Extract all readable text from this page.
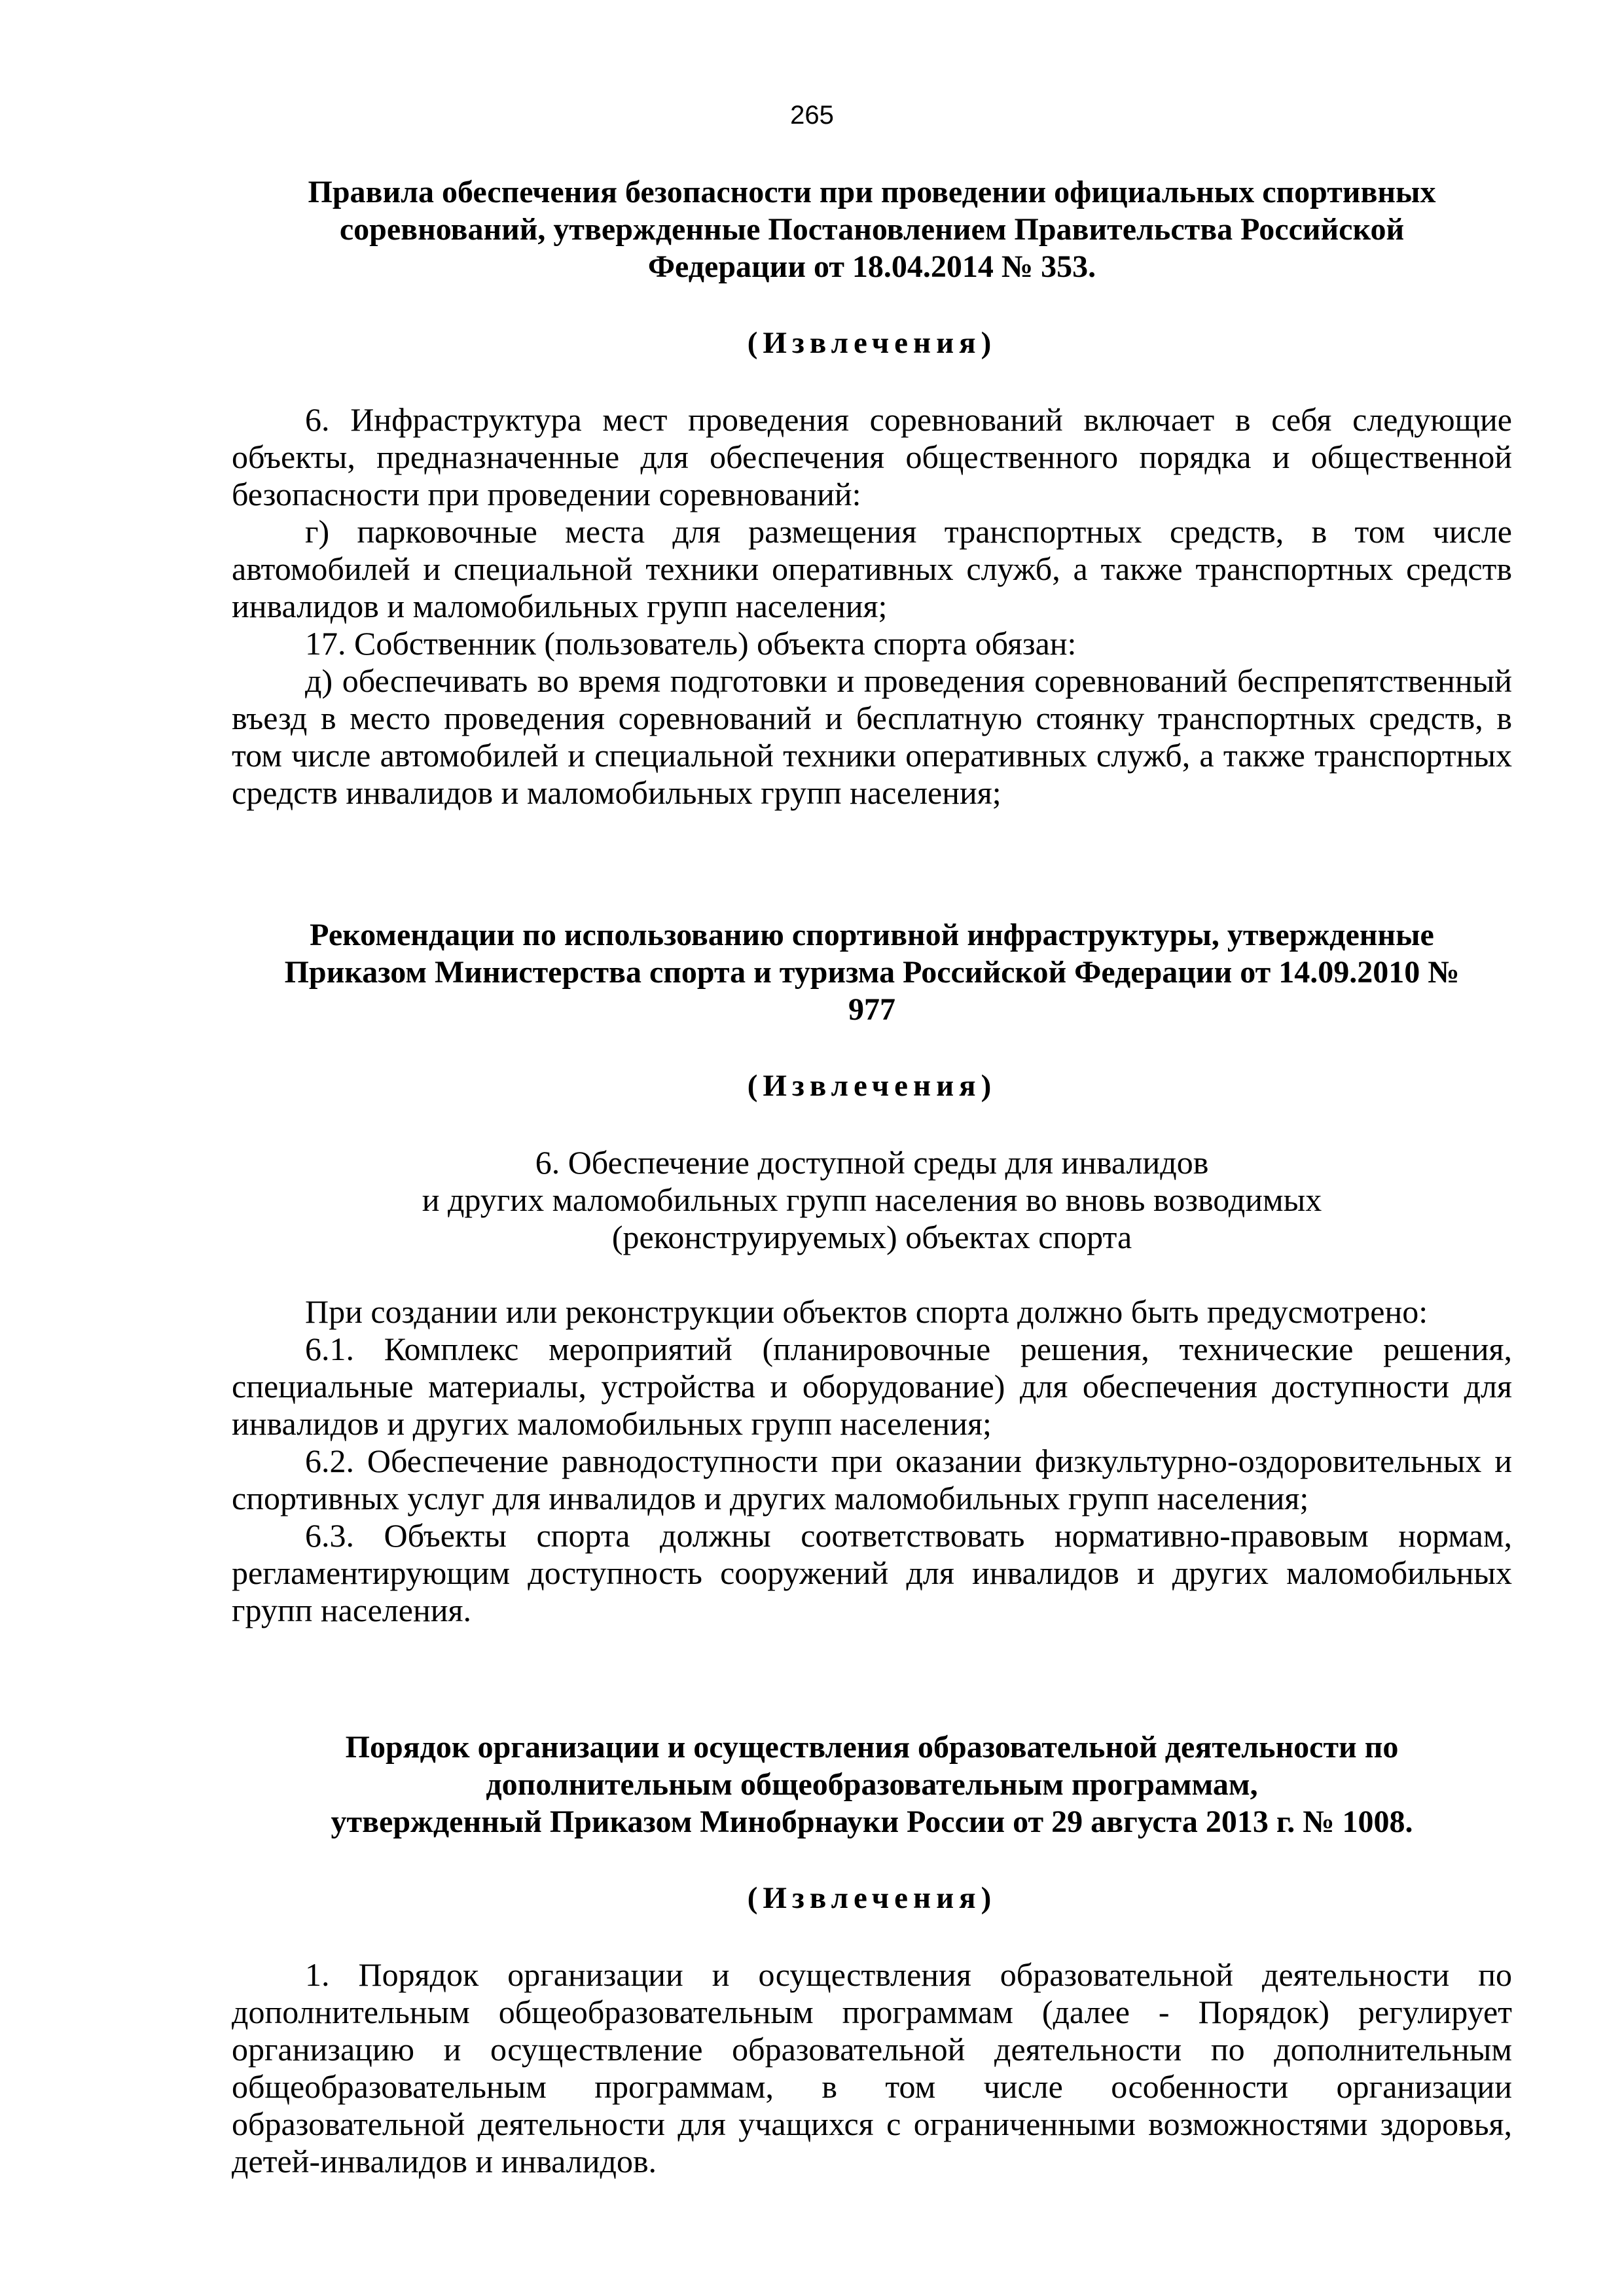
265
Правила обеспечения безопасности при проведении официальных спортивных
соревнований, утвержденные Постановлением Правительства Российской
Федерации от 18.04.2014 № 353.
(Извлечения)

6. Инфраструктура мест проведения соревнований включает в себя следующие объекты, предназначенные для обеспечения общественного порядка и общественной безопасности при проведении соревнований:

г) парковочные места для размещения транспортных средств, в том числе автомобилей и специальной техники оперативных служб, а также транспортных средств инвалидов и маломобильных групп населения;

17. Собственник (пользователь) объекта спорта обязан:

д) обеспечивать во время подготовки и проведения соревнований беспрепятственный въезд в место проведения соревнований и бесплатную стоянку транспортных средств, в том числе автомобилей и специальной техники оперативных служб, а также транспортных средств инвалидов и маломобильных групп населения;

Рекомендации по использованию спортивной инфраструктуры, утвержденные
Приказом Министерства спорта и туризма Российской Федерации от 14.09.2010 №
977
(Извлечения)
6. Обеспечение доступной среды для инвалидов
и других маломобильных групп населения во вновь возводимых
(реконструируемых) объектах спорта

При создании или реконструкции объектов спорта должно быть предусмотрено:

6.1. Комплекс мероприятий (планировочные решения, технические решения, специальные материалы, устройства и оборудование) для обеспечения доступности для инвалидов и других маломобильных групп населения;

6.2. Обеспечение равнодоступности при оказании физкультурно-оздоровительных и спортивных услуг для инвалидов и других маломобильных групп населения;

6.3. Объекты спорта должны соответствовать нормативно-правовым нормам, регламентирующим доступность сооружений для инвалидов и других маломобильных групп населения.

Порядок организации и осуществления образовательной деятельности по
дополнительным общеобразовательным программам,
утвержденный Приказом Минобрнауки России от 29 августа 2013 г. № 1008.
(Извлечения)

1. Порядок организации и осуществления образовательной деятельности по дополнительным общеобразовательным программам (далее - Порядок) регулирует организацию и осуществление образовательной деятельности по дополнительным общеобразовательным программам, в том числе особенности организации образовательной деятельности для учащихся с ограниченными возможностями здоровья, детей-инвалидов и инвалидов.
